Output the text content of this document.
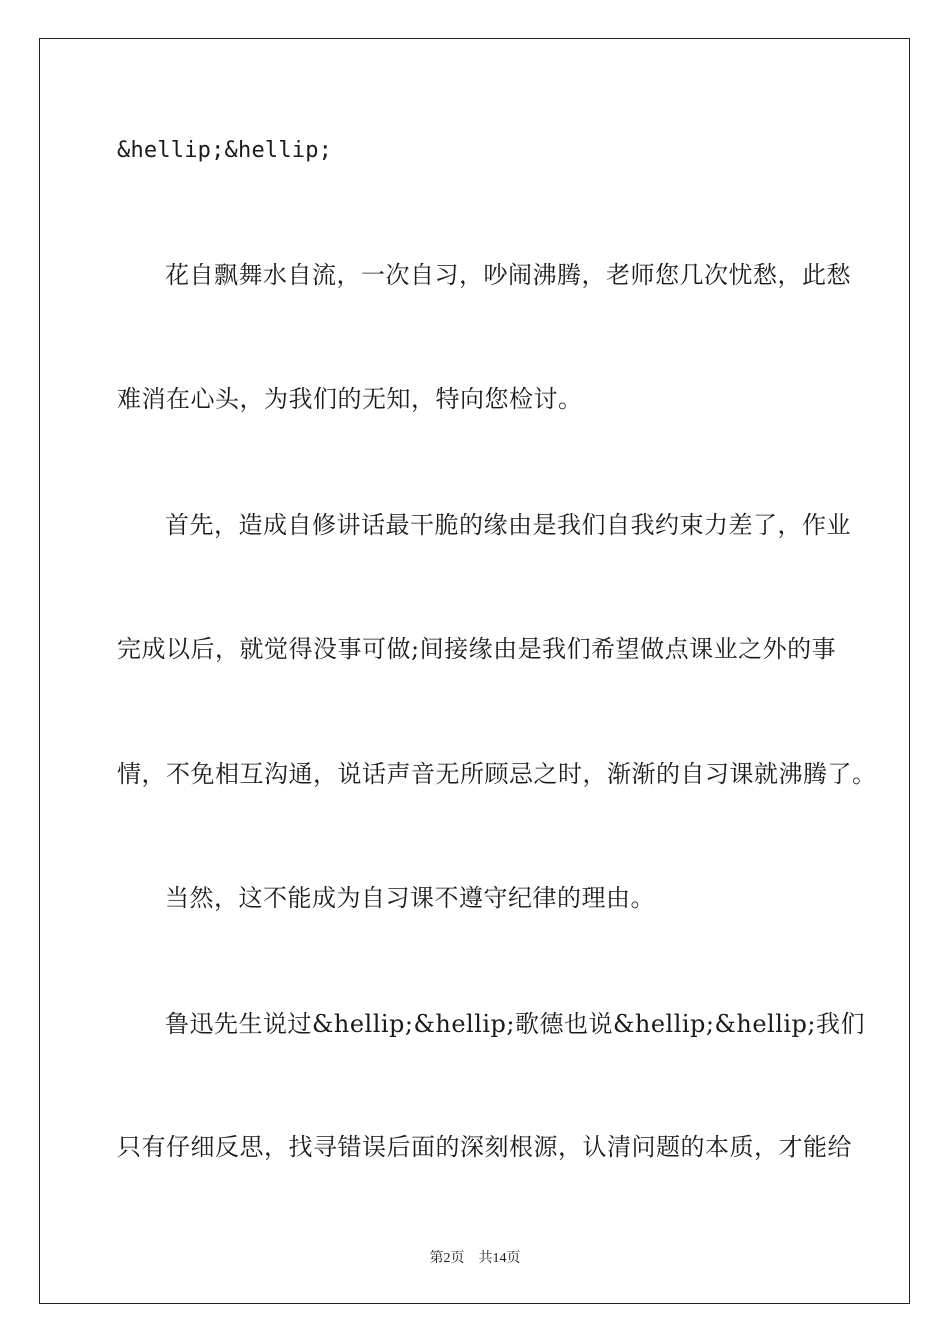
&hellip;&hellip;
花自飘舞水自流，一次自习，吵闹沸腾，老师您几次忧愁，此愁
难消在心头，为我们的无知，特向您检讨。
首先，造成自修讲话最干脆的缘由是我们自我约束力差了，作业
完成以后，就觉得没事可做;间接缘由是我们希望做点课业之外的事
情，不免相互沟通，说话声音无所顾忌之时，渐渐的自习课就沸腾了。
当然，这不能成为自习课不遵守纪律的理由。
鲁迅先生说过&hellip;&hellip;歌德也说&hellip;&hellip;我们
只有仔细反思，找寻错误后面的深刻根源，认清问题的本质，才能给
第2页 共14页
